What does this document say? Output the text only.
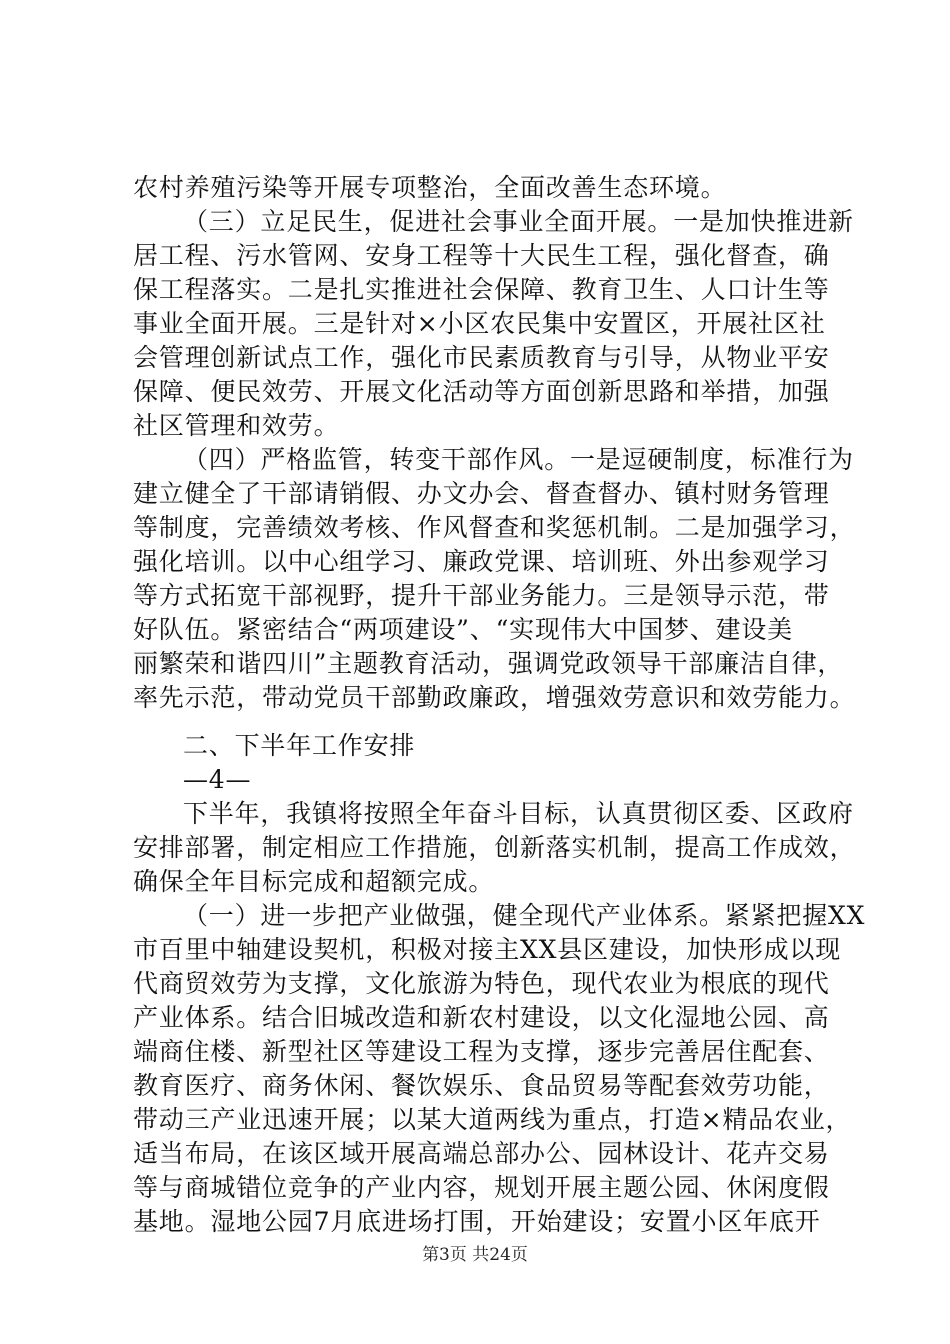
农村养殖污染等开展专项整治，全面改善生态环境。
（三）立足民生，促进社会事业全面开展。一是加快推进新
居工程、污水管网、安身工程等十大民生工程，强化督查，确
保工程落实。二是扎实推进社会保障、教育卫生、人口计生等
事业全面开展。三是针对×小区农民集中安置区，开展社区社
会管理创新试点工作，强化市民素质教育与引导，从物业平安
保障、便民效劳、开展文化活动等方面创新思路和举措，加强
社区管理和效劳。
（四）严格监管，转变干部作风。一是逗硬制度，标准行为
建立健全了干部请销假、办文办会、督查督办、镇村财务管理
等制度，完善绩效考核、作风督查和奖惩机制。二是加强学习，
强化培训。以中心组学习、廉政党课、培训班、外出参观学习
等方式拓宽干部视野，提升干部业务能力。三是领导示范，带
好队伍。紧密结合“两项建设”、“实现伟大中国梦、建设美
丽繁荣和谐四川”主题教育活动，强调党政领导干部廉洁自律，
率先示范，带动党员干部勤政廉政，增强效劳意识和效劳能力。
二、下半年工作安排
—4—
下半年，我镇将按照全年奋斗目标，认真贯彻区委、区政府
安排部署，制定相应工作措施，创新落实机制，提高工作成效，
确保全年目标完成和超额完成。
（一）进一步把产业做强，健全现代产业体系。紧紧把握XX
市百里中轴建设契机，积极对接主XX县区建设，加快形成以现
代商贸效劳为支撑，文化旅游为特色，现代农业为根底的现代
产业体系。结合旧城改造和新农村建设，以文化湿地公园、高
端商住楼、新型社区等建设工程为支撑，逐步完善居住配套、
教育医疗、商务休闲、餐饮娱乐、食品贸易等配套效劳功能，
带动三产业迅速开展；以某大道两线为重点，打造×精品农业，
适当布局，在该区域开展高端总部办公、园林设计、花卉交易
等与商城错位竞争的产业内容，规划开展主题公园、休闲度假
基地。湿地公园7月底进场打围，开始建设；安置小区年底开
第3页 共24页
